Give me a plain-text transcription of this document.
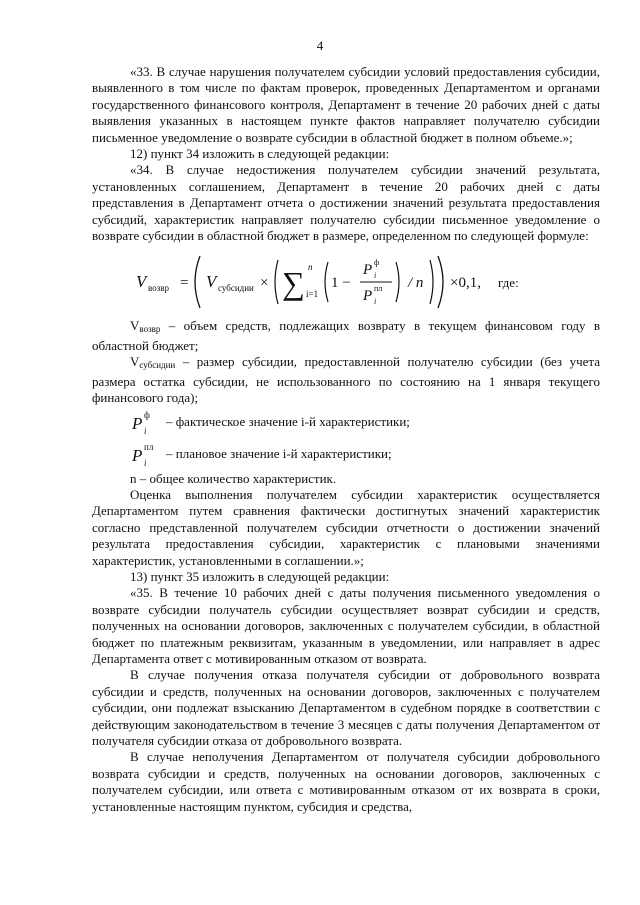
4

«33. В случае нарушения получателем субсидии условий предоставления субсидии, выявленного в том числе по фактам проверок, проведенных Департаментом и органами государственного финансового контроля, Департамент в течение 20 рабочих дней с даты выявления указанных в настоящем пункте фактов направляет получателю субсидии письменное уведомление о возврате субсидии в областной бюджет в полном объеме.»;

12) пункт 34 изложить в следующей редакции:

«34. В случае недостижения получателем субсидии значений результата, установленных соглашением, Департамент в течение 20 рабочих дней с даты представления в Департамент отчета о достижении значений результата предоставления субсидий, характеристик направляет получателю субсидии письменное уведомление о возврате субсидии в областной бюджет в размере, определенном по следующей формуле:

V возвр = V субсидии × ∑ n
i=1
1 −
P ф
i
P пл
i
/ n ×0,1, где:

$V_{возвр}$ – объем средств, подлежащих возврату в текущем финансовом году в областной бюджет;

$V_{субсидии}$ – размер субсидии, предоставленной получателю субсидии (без учета размера остатка субсидии, не использованного по состоянию на 1 января текущего финансового года);

P ф
i
– фактическое значение i-й характеристики;
P пл
i
– плановое значение i-й характеристики;

n – общее количество характеристик.

Оценка выполнения получателем субсидии характеристик осуществляется Департаментом путем сравнения фактически достигнутых значений характеристик согласно представленной получателем субсидии отчетности о достижении значений результата предоставления субсидии, характеристик с плановыми значениями характеристик, установленными в соглашении.»;

13) пункт 35 изложить в следующей редакции:

«35. В течение 10 рабочих дней с даты получения письменного уведомления о возврате субсидии получатель субсидии осуществляет возврат субсидии и средств, полученных на основании договоров, заключенных с получателем субсидии, в областной бюджет по платежным реквизитам, указанным в уведомлении, или направляет в адрес Департамента ответ с мотивированным отказом от возврата.

В случае получения отказа получателя субсидии от добровольного возврата субсидии и средств, полученных на основании договоров, заключенных с получателем субсидии, они подлежат взысканию Департаментом в судебном порядке в соответствии с действующим законодательством в течение 3 месяцев с даты получения Департаментом от получателя субсидии отказа от добровольного возврата.

В случае неполучения Департаментом от получателя субсидии добровольного возврата субсидии и средств, полученных на основании договоров, заключенных с получателем субсидии, или ответа с мотивированным отказом от их возврата в сроки, установленные настоящим пунктом, субсидия и средства,
